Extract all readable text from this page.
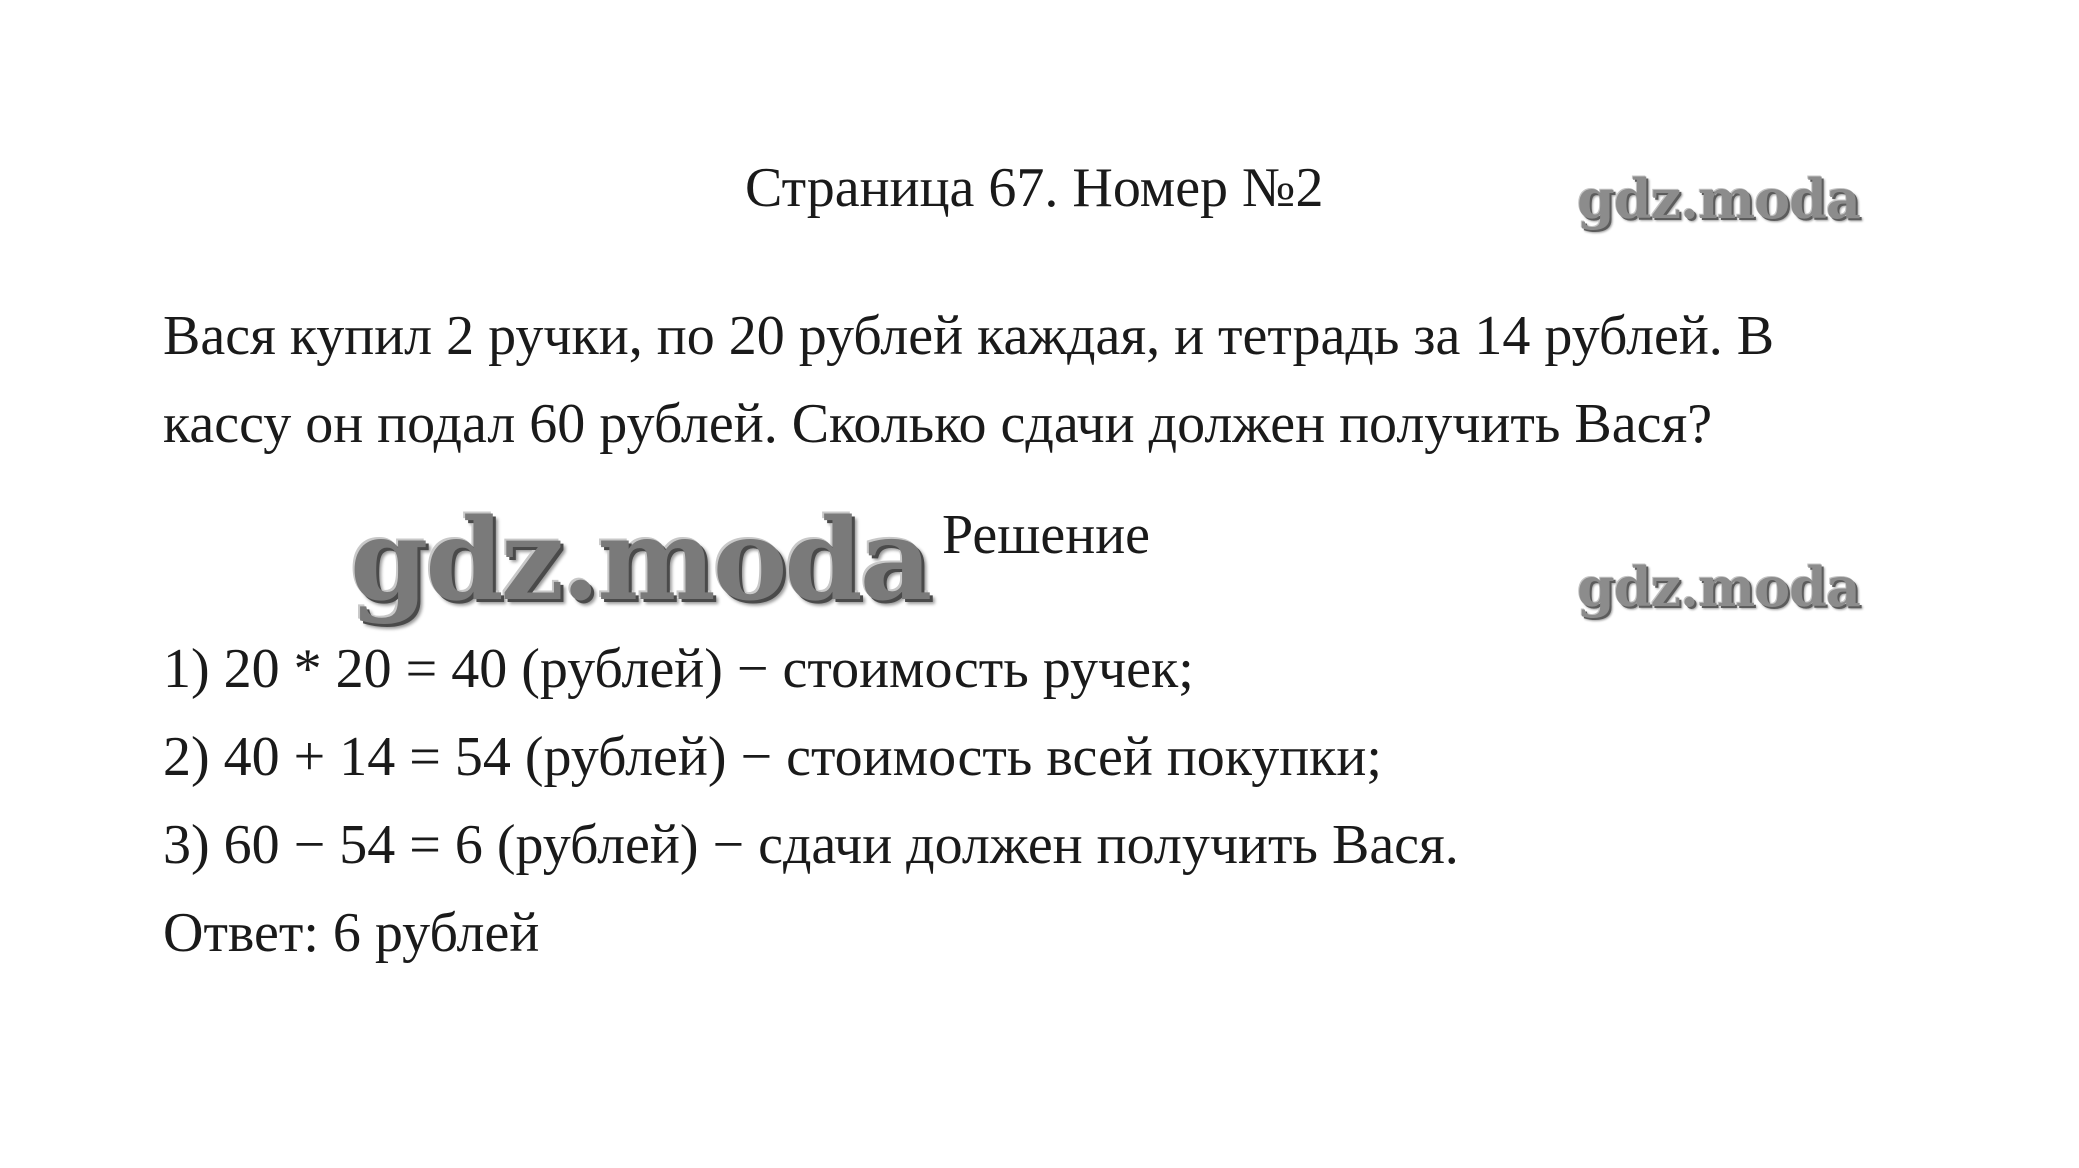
Страница 67. Номер №2	gdz.moda

Вася купил 2 ручки, по 20 рублей каждая, и тетрадь за 14 рублей. В

кассу он подал 60 рублей. Сколько сдачи должен получить Вася?

gdz.moda Решение
gdz.moda

1) 20 * 20 = 40 (рублей) − стоимость ручек;

2) 40 + 14 = 54 (рублей) − стоимость всей покупки;

3) 60 − 54 = 6 (рублей) − сдачи должен получить Вася.

Ответ: 6 рублей
